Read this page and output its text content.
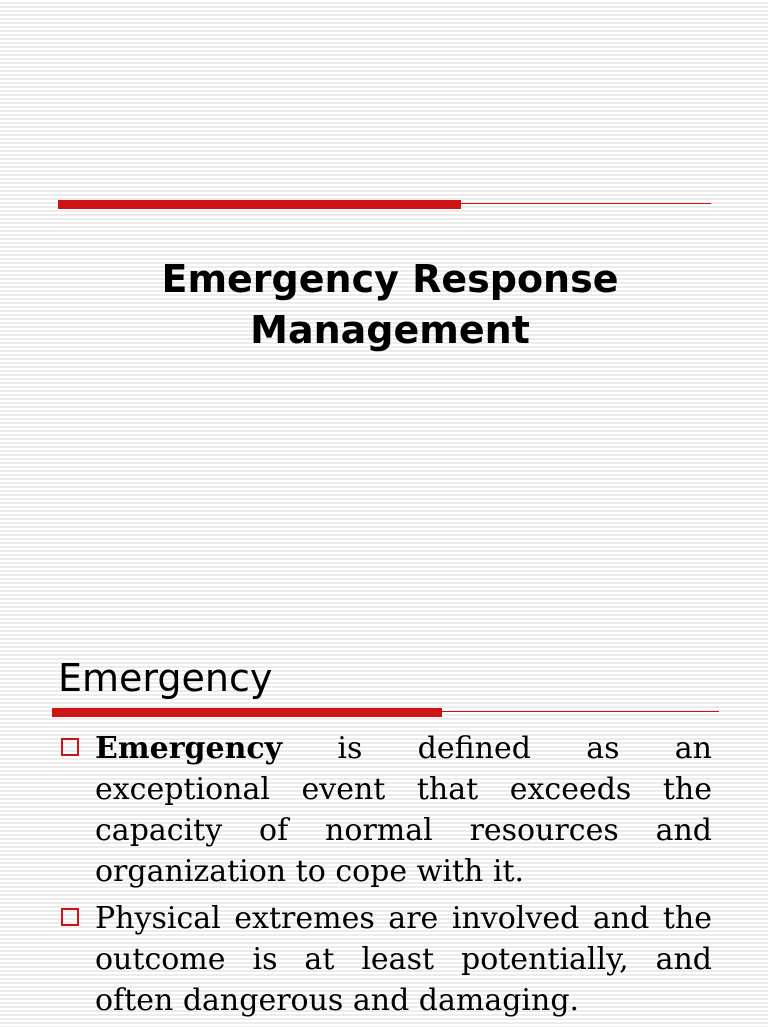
Emergency Response
Management
Emergency
Emergency is defined as an exceptional event that exceeds the capacity of normal resources and organization to cope with it.
Physical extremes are involved and the outcome is at least potentially, and often dangerous and damaging.
